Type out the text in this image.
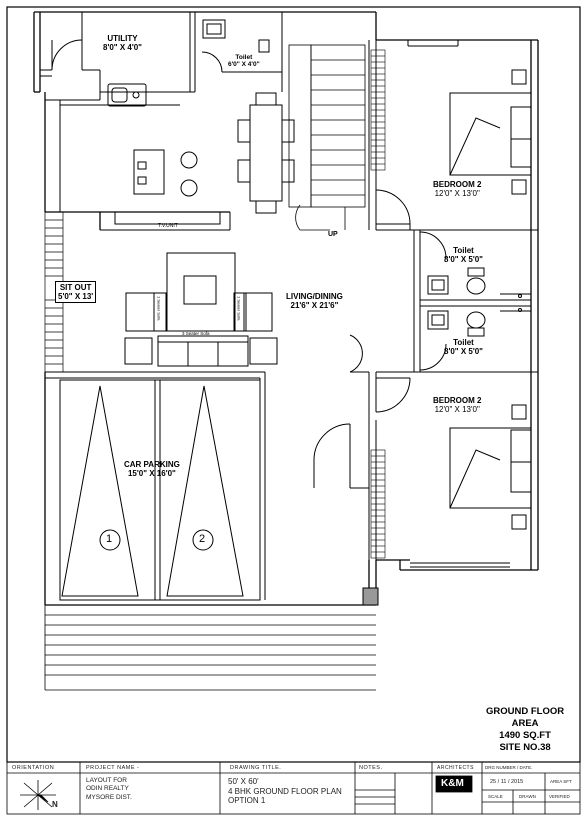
UTILITY
8'0" X 4'0"
Toilet
6'0" X 4'0"
BEDROOM 2
12'0" X 13'0"
Toilet
8'0" X 5'0"
Toilet
8'0" X 5'0"
BEDROOM 2
12'0" X 13'0"
SIT OUT
5'0" X 13'	LIVING/DINING
21'6" X 21'6"
CAR PARKING
15'0" X 16'0"
T.V.UNIT
UP
1 Seater Sofa	1 Seater Sofa
3 Seater Sofa
1	2
GROUND FLOOR
AREA
1490 SQ.FT
SITE NO.38
ORIENTATION
N
PROJECT NAME -
LAYOUT FOR
ODIN REALTY
MYSORE DIST.
DRAWING TITLE.
50' X 60'
4 BHK GROUND FLOOR PLAN
OPTION 1
NOTES.	ARCHITECTS
K&M
DRG NUMBER / DATE.
25 / 11 / 2015	AREA SFT
SCALE	DRAWN	VERIFIED
